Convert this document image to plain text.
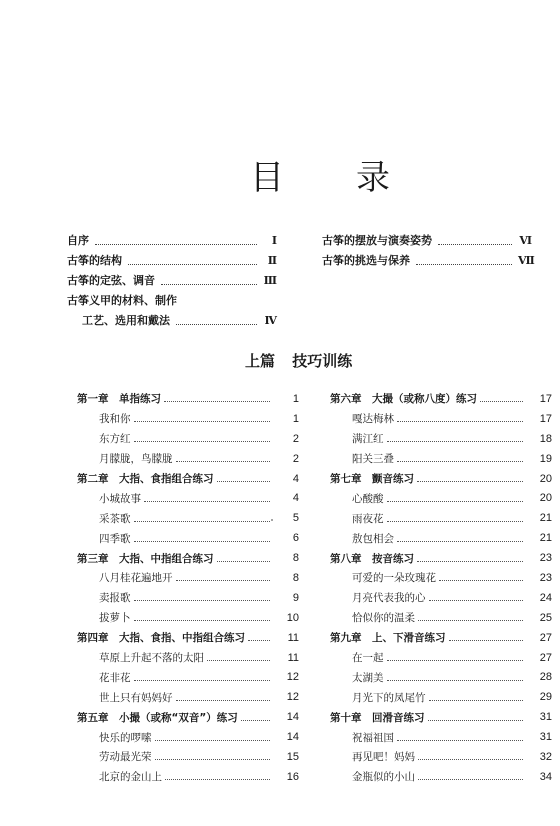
目 录
自序	Ⅰ
古筝的结构	Ⅱ
古筝的定弦、调音	Ⅲ
古筝义甲的材料、制作
工艺、选用和戴法	Ⅳ
古筝的摆放与演奏姿势	Ⅵ
古筝的挑选与保养	Ⅶ
上篇 技巧训练
第一章　单指练习	1
我和你	1
东方红	2
月朦胧，鸟朦胧	2
第二章　大指、食指组合练习	4
小城故事	4
采茶歌	5
四季歌	6
第三章　大指、中指组合练习	8
八月桂花遍地开	8
卖报歌	9
拔萝卜	10
第四章　大指、食指、中指组合练习	11
草原上升起不落的太阳	11
花非花	12
世上只有妈妈好	12
第五章　小撮（或称“双音”）练习	14
快乐的啰嗦	14
劳动最光荣	15
北京的金山上	16
第六章　大撮（或称八度）练习	17
嘎达梅林	17
满江红	18
阳关三叠	19
第七章　颤音练习	20
心酸酸	20
雨夜花	21
敖包相会	21
第八章　按音练习	23
可爱的一朵玫瑰花	23
月亮代表我的心	24
恰似你的温柔	25
第九章　上、下滑音练习	27
在一起	27
太湖美	28
月光下的凤尾竹	29
第十章　回滑音练习	31
祝福祖国	31
再见吧！妈妈	32
金瓶似的小山	34
